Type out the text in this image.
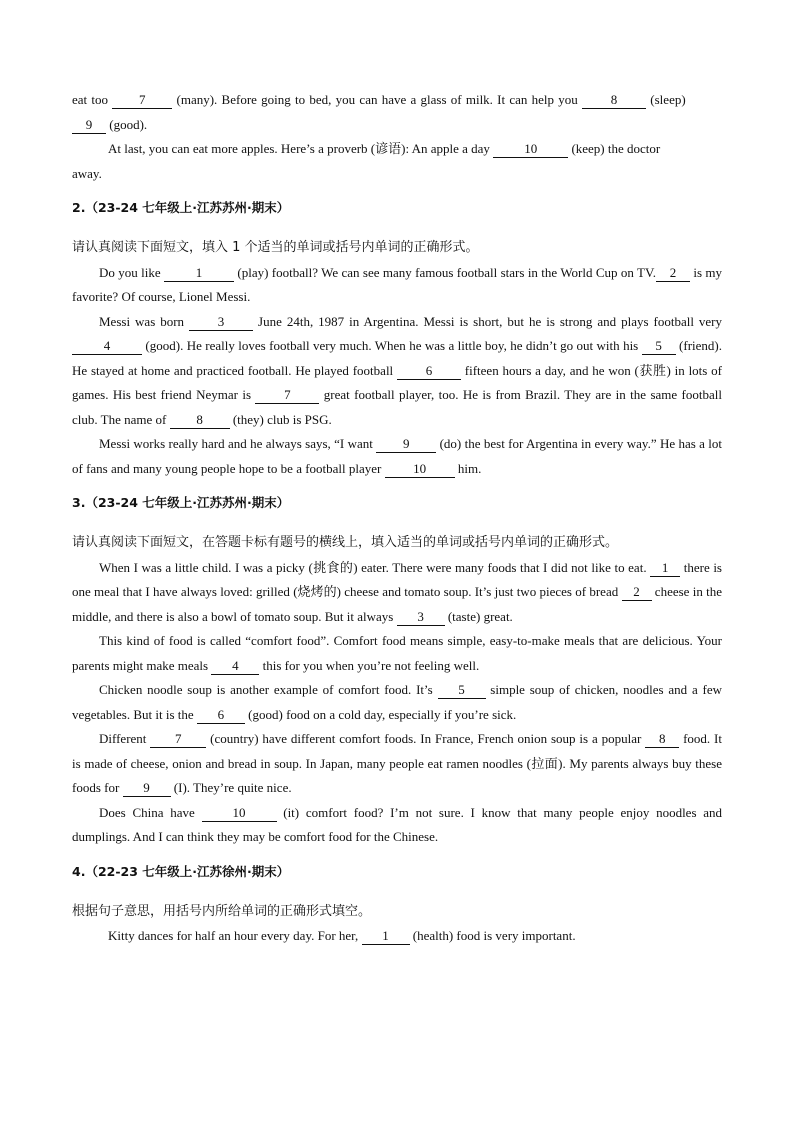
eat too 7 (many). Before going to bed, you can have a glass of milk. It can help you 8 (sleep)

9 (good).

At last, you can eat more apples. Here’s a proverb (谚语): An apple a day 10 (keep) the doctor

away.

2.（23-24 七年级上·江苏苏州·期末）

请认真阅读下面短文，填入 1 个适当的单词或括号内单词的正确形式。

Do you like 1 (play) football? We can see many famous football stars in the World Cup on TV. 2 is my favorite? Of course, Lionel Messi.

Messi was born 3 June 24th, 1987 in Argentina. Messi is short, but he is strong and plays football very 4 (good). He really loves football very much. When he was a little boy, he didn’t go out with his 5 (friend). He stayed at home and practiced football. He played football 6 fifteen hours a day, and he won (获胜) in lots of games. His best friend Neymar is 7 great football player, too. He is from Brazil. They are in the same football club. The name of 8 (they) club is PSG.

Messi works really hard and he always says, “I want 9 (do) the best for Argentina in every way.” He has a lot of fans and many young people hope to be a football player 10 him.

3.（23-24 七年级上·江苏苏州·期末）

请认真阅读下面短文，在答题卡标有题号的横线上，填入适当的单词或括号内单词的正确形式。

When I was a little child. I was a picky (挑食的) eater. There were many foods that I did not like to eat. 1 there is one meal that I have always loved: grilled (烧烤的) cheese and tomato soup. It’s just two pieces of bread 2 cheese in the middle, and there is also a bowl of tomato soup. But it always 3 (taste) great.

This kind of food is called “comfort food”. Comfort food means simple, easy-to-make meals that are delicious. Your parents might make meals 4 this for you when you’re not feeling well.

Chicken noodle soup is another example of comfort food. It’s 5 simple soup of chicken, noodles and a few vegetables. But it is the 6 (good) food on a cold day, especially if you’re sick.

Different 7 (country) have different comfort foods. In France, French onion soup is a popular 8 food. It is made of cheese, onion and bread in soup. In Japan, many people eat ramen noodles (拉面). My parents always buy these foods for 9 (I). They’re quite nice.

Does China have 10 (it) comfort food? I’m not sure. I know that many people enjoy noodles and dumplings. And I can think they may be comfort food for the Chinese.

4.（22-23 七年级上·江苏徐州·期末）

根据句子意思，用括号内所给单词的正确形式填空。

Kitty dances for half an hour every day. For her, 1 (health) food is very important.
